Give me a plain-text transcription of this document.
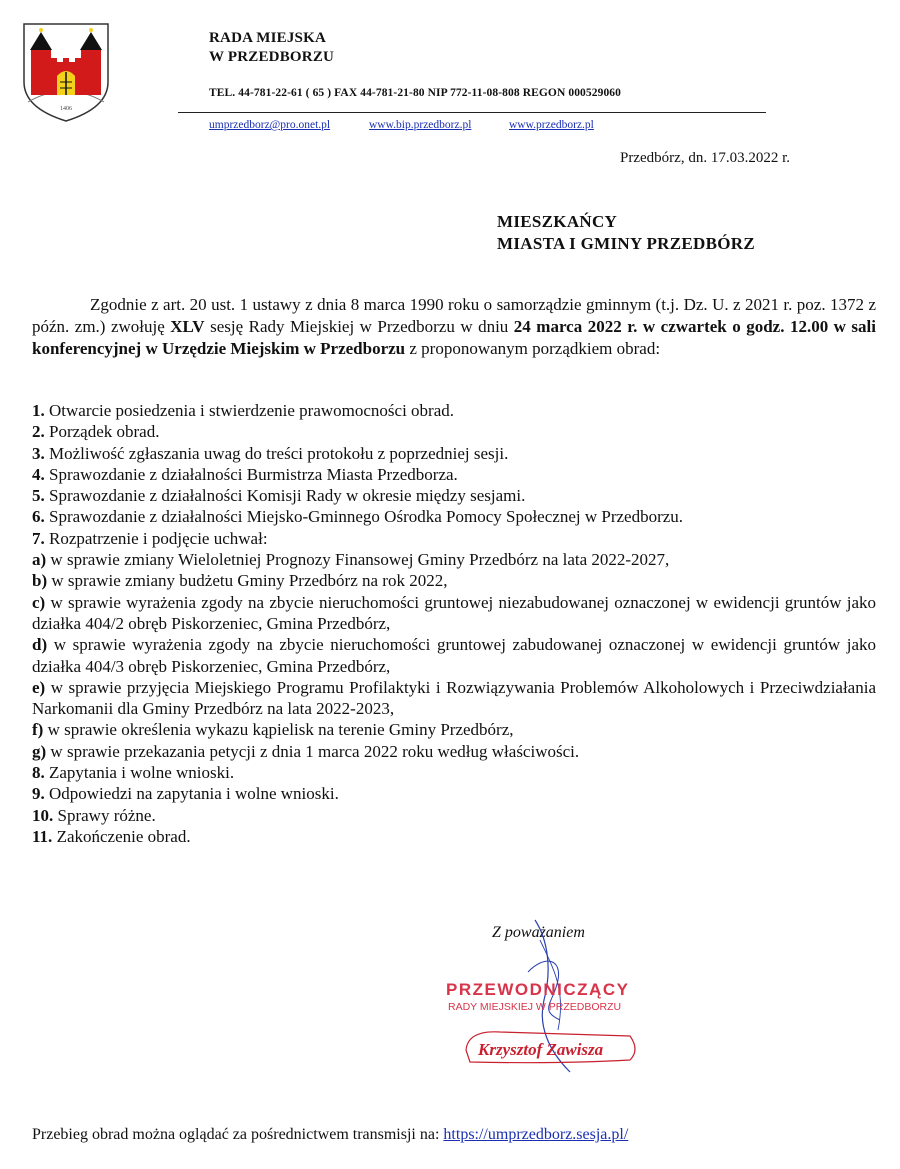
1406
RADA MIEJSKA
W PRZEDBORZU
TEL. 44-781-22-61 ( 65 ) FAX 44-781-21-80 NIP 772-11-08-808 REGON 000529060
umprzedborz@pro.onet.pl	www.bip.przedborz.pl	www.przedborz.pl
Przedbórz, dn. 17.03.2022 r.
MIESZKAŃCY
MIASTA I GMINY PRZEDBÓRZ
Zgodnie z art. 20 ust. 1 ustawy z dnia 8 marca 1990 roku o samorządzie gminnym (t.j. Dz. U. z 2021 r. poz. 1372 z późn. zm.) zwołuję XLV sesję Rady Miejskiej w Przedborzu w dniu 24 marca 2022 r. w czwartek o godz. 12.00 w sali konferencyjnej w Urzędzie Miejskim w Przedborzu z proponowanym porządkiem obrad:
1. Otwarcie posiedzenia i stwierdzenie prawomocności obrad.
2. Porządek obrad.
3. Możliwość zgłaszania uwag do treści protokołu z poprzedniej sesji.
4. Sprawozdanie z działalności Burmistrza Miasta Przedborza.
5. Sprawozdanie z działalności Komisji Rady w okresie między sesjami.
6. Sprawozdanie z działalności Miejsko-Gminnego Ośrodka Pomocy Społecznej w Przedborzu.
7. Rozpatrzenie i podjęcie uchwał:
a) w sprawie zmiany Wieloletniej Prognozy Finansowej Gminy Przedbórz na lata 2022-2027,
b) w sprawie zmiany budżetu Gminy Przedbórz na rok 2022,
c) w sprawie wyrażenia zgody na zbycie nieruchomości gruntowej niezabudowanej oznaczonej w ewidencji gruntów jako działka 404/2 obręb Piskorzeniec, Gmina Przedbórz,
d) w sprawie wyrażenia zgody na zbycie nieruchomości gruntowej zabudowanej oznaczonej w ewidencji gruntów jako działka 404/3 obręb Piskorzeniec, Gmina Przedbórz,
e) w sprawie przyjęcia Miejskiego Programu Profilaktyki i Rozwiązywania Problemów Alkoholowych i Przeciwdziałania Narkomanii dla Gminy Przedbórz na lata 2022-2023,
f) w sprawie określenia wykazu kąpielisk na terenie Gminy Przedbórz,
g) w sprawie przekazania petycji z dnia 1 marca 2022 roku według właściwości.
8. Zapytania i wolne wnioski.
9. Odpowiedzi na zapytania i wolne wnioski.
10. Sprawy różne.
11. Zakończenie obrad.
Z poważaniem
PRZEWODNICZĄCY
RADY MIEJSKIEJ W PRZEDBORZU
Krzysztof Zawisza
Przebieg obrad można oglądać za pośrednictwem transmisji na: https://umprzedborz.sesja.pl/
